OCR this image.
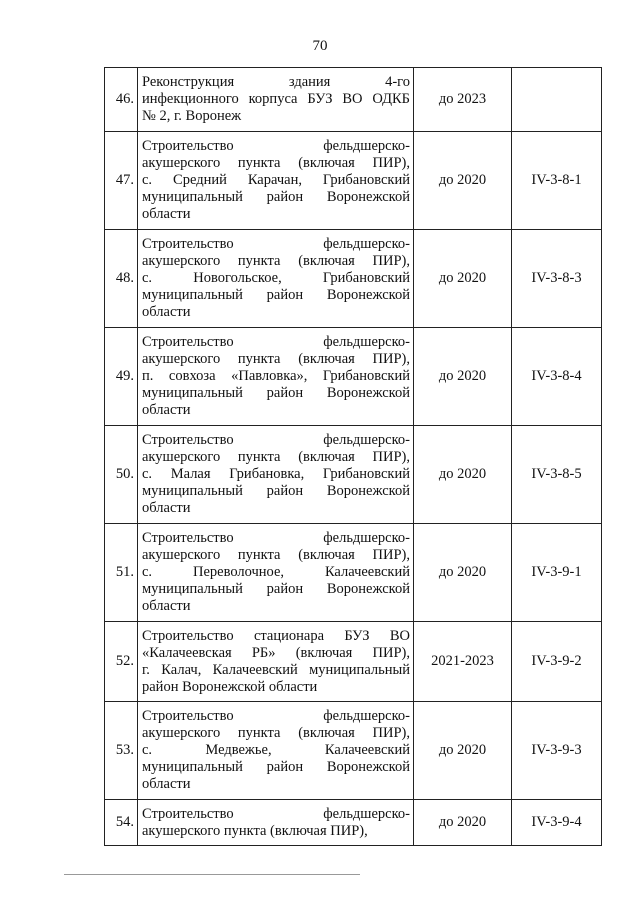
70
46.	Реконструкция здания 4-го
инфекционного корпуса БУЗ ВО ОДКБ
№ 2, г. Воронеж	до 2023	
47.	Строительство фельдшерско-
акушерского пункта (включая ПИР),
с. Средний Карачан, Грибановский
муниципальный район Воронежской
области	до 2020	IV-3-8-1
48.	Строительство фельдшерско-
акушерского пункта (включая ПИР),
с. Новогольское, Грибановский
муниципальный район Воронежской
области	до 2020	IV-3-8-3
49.	Строительство фельдшерско-
акушерского пункта (включая ПИР),
п. совхоза «Павловка», Грибановский
муниципальный район Воронежской
области	до 2020	IV-3-8-4
50.	Строительство фельдшерско-
акушерского пункта (включая ПИР),
с. Малая Грибановка, Грибановский
муниципальный район Воронежской
области	до 2020	IV-3-8-5
51.	Строительство фельдшерско-
акушерского пункта (включая ПИР),
с. Переволочное, Калачеевский
муниципальный район Воронежской
области	до 2020	IV-3-9-1
52.	Строительство стационара БУЗ ВО
«Калачеевская РБ» (включая ПИР),
г. Калач, Калачеевский муниципальный
район Воронежской области	2021-2023	IV-3-9-2
53.	Строительство фельдшерско-
акушерского пункта (включая ПИР),
с. Медвежье, Калачеевский
муниципальный район Воронежской
области	до 2020	IV-3-9-3
54.	Строительство фельдшерско-
акушерского пункта (включая ПИР),	до 2020	IV-3-9-4
